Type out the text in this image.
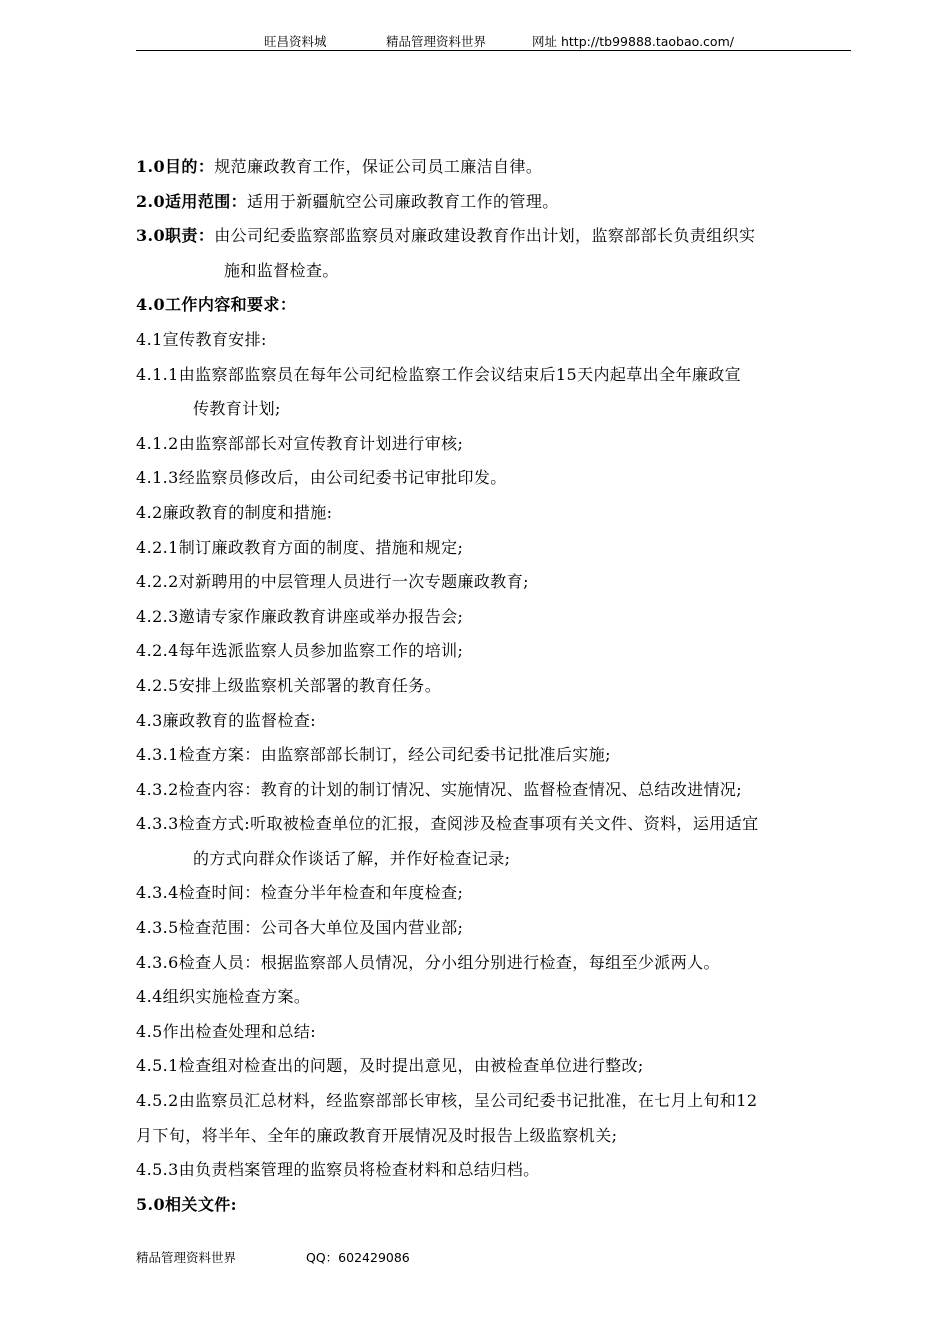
旺昌资料城	精品管理资料世界	网址 http://tb99888.taobao.com/
1.0目的：规范廉政教育工作，保证公司员工廉洁自律。
2.0适用范围：适用于新疆航空公司廉政教育工作的管理。
3.0职责：由公司纪委监察部监察员对廉政建设教育作出计划，监察部部长负责组织实
施和监督检查。
4.0工作内容和要求：
4.1宣传教育安排:
4.1.1由监察部监察员在每年公司纪检监察工作会议结束后15天内起草出全年廉政宣
传教育计划;
4.1.2由监察部部长对宣传教育计划进行审核;
4.1.3经监察员修改后，由公司纪委书记审批印发。
4.2廉政教育的制度和措施:
4.2.1制订廉政教育方面的制度、措施和规定;
4.2.2对新聘用的中层管理人员进行一次专题廉政教育;
4.2.3邀请专家作廉政教育讲座或举办报告会;
4.2.4每年选派监察人员参加监察工作的培训;
4.2.5安排上级监察机关部署的教育任务。
4.3廉政教育的监督检查:
4.3.1检查方案：由监察部部长制订，经公司纪委书记批准后实施;
4.3.2检查内容：教育的计划的制订情况、实施情况、监督检查情况、总结改进情况;
4.3.3检查方式:听取被检查单位的汇报，查阅涉及检查事项有关文件、资料，运用适宜
的方式向群众作谈话了解，并作好检查记录;
4.3.4检查时间：检查分半年检查和年度检查;
4.3.5检查范围：公司各大单位及国内营业部;
4.3.6检查人员：根据监察部人员情况，分小组分别进行检查，每组至少派两人。
4.4组织实施检查方案。
4.5作出检查处理和总结:
4.5.1检查组对检查出的问题，及时提出意见，由被检查单位进行整改;
4.5.2由监察员汇总材料，经监察部部长审核，呈公司纪委书记批准，在七月上旬和12
月下旬，将半年、全年的廉政教育开展情况及时报告上级监察机关;
4.5.3由负责档案管理的监察员将检查材料和总结归档。
5.0相关文件:
精品管理资料世界	QQ：602429086
